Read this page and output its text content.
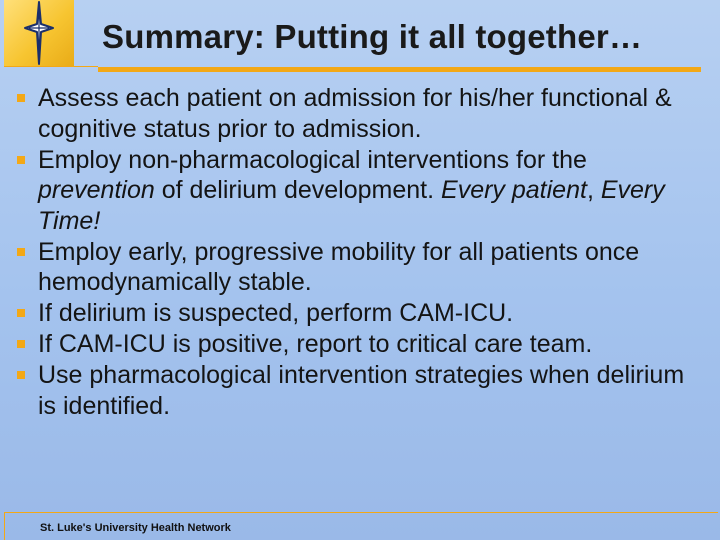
Summary: Putting it all together…
Assess each patient on admission for his/her functional & cognitive status prior to admission.
Employ non-pharmacological interventions for the prevention of delirium development. Every patient, Every Time!
Employ early, progressive mobility for all patients once hemodynamically stable.
If delirium is suspected, perform CAM-ICU.
If CAM-ICU is positive, report to critical care team.
Use pharmacological intervention strategies when delirium is identified.
St. Luke's University Health Network
